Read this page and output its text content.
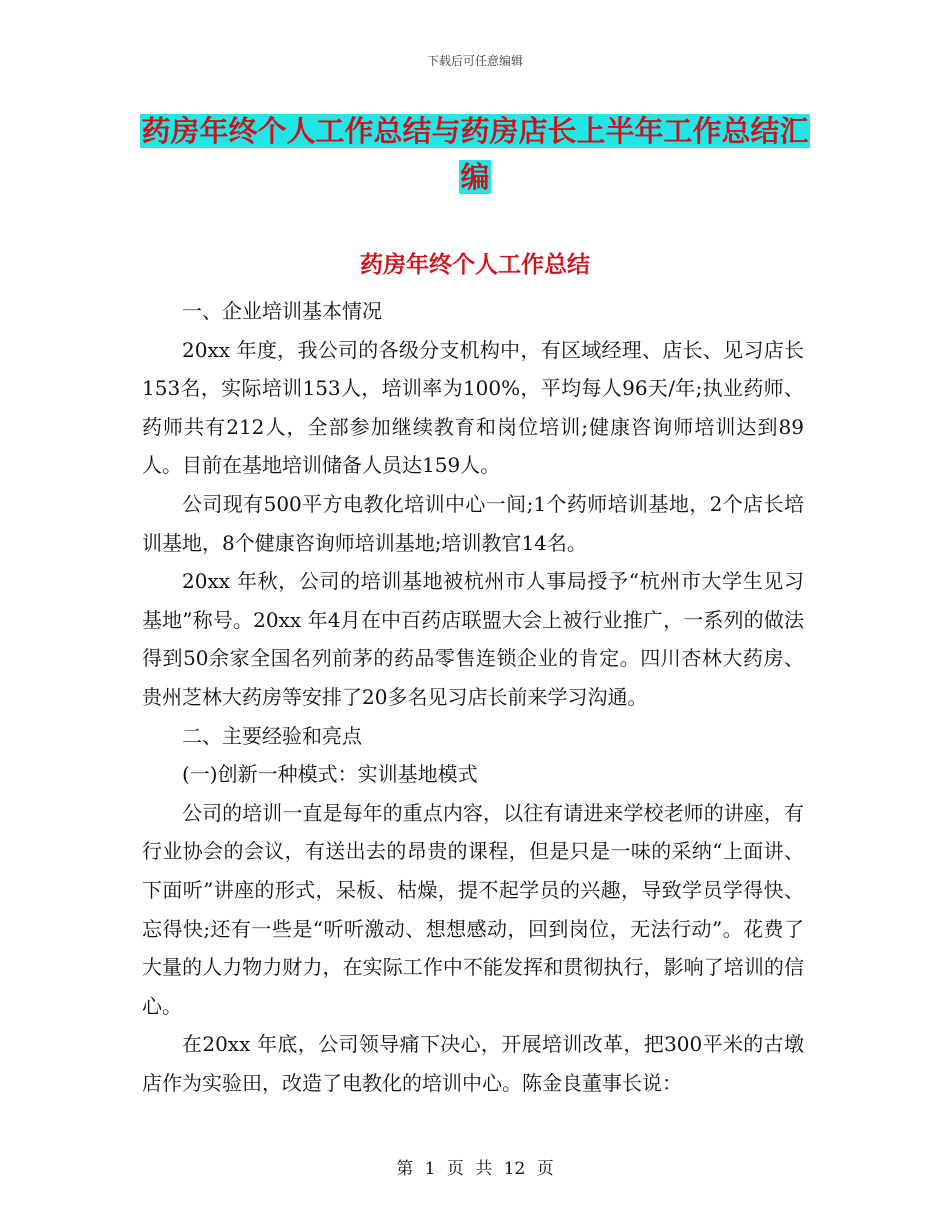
下载后可任意编辑
药房年终个人工作总结与药房店长上半年工作总结汇
编
药房年终个人工作总结

一、企业培训基本情况

20xx 年度，我公司的各级分支机构中，有区域经理、店长、见习店长153名，实际培训153人，培训率为100%，平均每人96天/年;执业药师、药师共有212人，全部参加继续教育和岗位培训;健康咨询师培训达到89人。目前在基地培训储备人员达159人。

公司现有500平方电教化培训中心一间;1个药师培训基地，2个店长培训基地，8个健康咨询师培训基地;培训教官14名。

20xx 年秋，公司的培训基地被杭州市人事局授予“杭州市大学生见习基地”称号。20xx 年4月在中百药店联盟大会上被行业推广，一系列的做法得到50余家全国名列前茅的药品零售连锁企业的肯定。四川杏林大药房、贵州芝林大药房等安排了20多名见习店长前来学习沟通。

二、主要经验和亮点

(一)创新一种模式：实训基地模式

公司的培训一直是每年的重点内容，以往有请进来学校老师的讲座，有行业协会的会议，有送出去的昂贵的课程，但是只是一味的采纳“上面讲、下面听”讲座的形式，呆板、枯燥，提不起学员的兴趣，导致学员学得快、忘得快;还有一些是“听听激动、想想感动，回到岗位，无法行动”。花费了大量的人力物力财力，在实际工作中不能发挥和贯彻执行，影响了培训的信心。

在20xx 年底，公司领导痛下决心，开展培训改革，把300平米的古墩店作为实验田，改造了电教化的培训中心。陈金良董事长说：

第 1 页 共 12 页
